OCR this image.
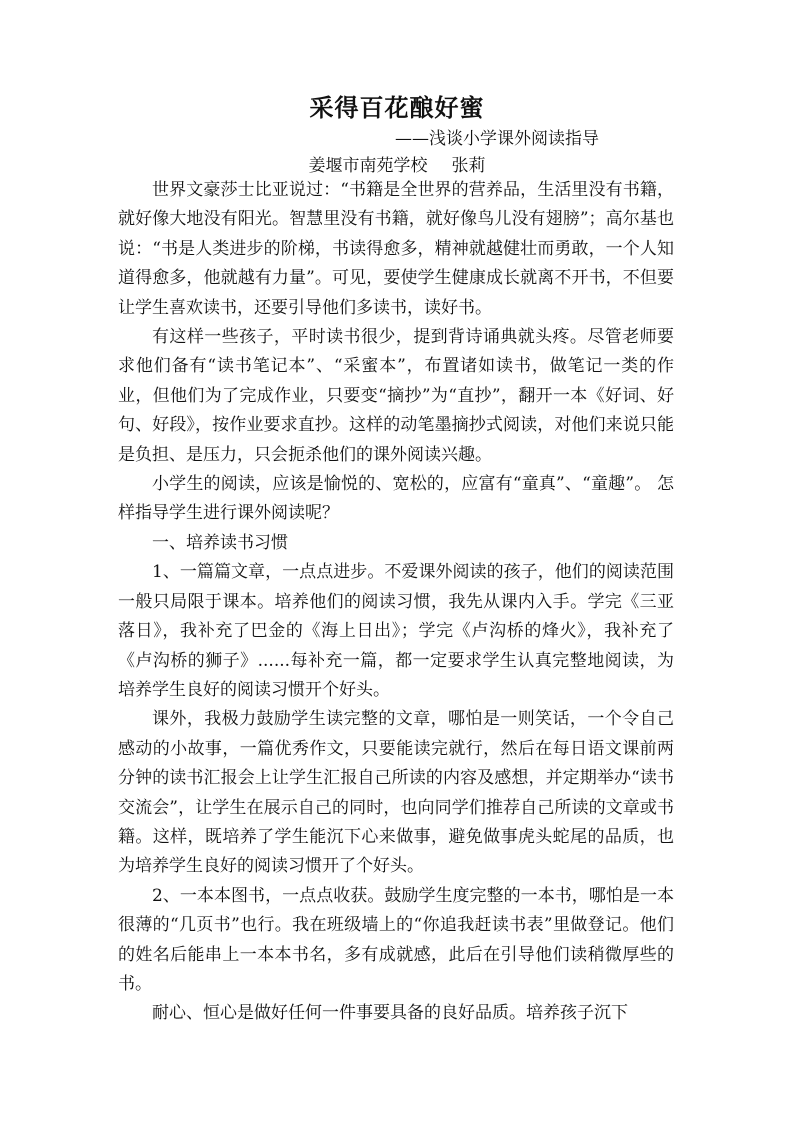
采得百花酿好蜜

——浅谈小学课外阅读指导

姜堰市南苑学校 张莉

世界文豪莎士比亚说过：“书籍是全世界的营养品，生活里没有书籍，就好像大地没有阳光。智慧里没有书籍，就好像鸟儿没有翅膀”；高尔基也说：“书是人类进步的阶梯，书读得愈多，精神就越健壮而勇敢，一个人知道得愈多，他就越有力量”。可见，要使学生健康成长就离不开书，不但要让学生喜欢读书，还要引导他们多读书，读好书。

有这样一些孩子，平时读书很少，提到背诗诵典就头疼。尽管老师要求他们备有“读书笔记本”、“采蜜本”，布置诸如读书，做笔记一类的作业，但他们为了完成作业，只要变“摘抄”为“直抄”，翻开一本《好词、好句、好段》，按作业要求直抄。这样的动笔墨摘抄式阅读，对他们来说只能是负担、是压力，只会扼杀他们的课外阅读兴趣。

小学生的阅读，应该是愉悦的、宽松的，应富有“童真”、“童趣”。 怎样指导学生进行课外阅读呢？

一、培养读书习惯

1、一篇篇文章，一点点进步。不爱课外阅读的孩子，他们的阅读范围一般只局限于课本。培养他们的阅读习惯，我先从课内入手。学完《三亚落日》，我补充了巴金的《海上日出》；学完《卢沟桥的烽火》，我补充了《卢沟桥的狮子》......每补充一篇，都一定要求学生认真完整地阅读，为培养学生良好的阅读习惯开个好头。

课外，我极力鼓励学生读完整的文章，哪怕是一则笑话，一个令自己感动的小故事，一篇优秀作文，只要能读完就行，然后在每日语文课前两分钟的读书汇报会上让学生汇报自己所读的内容及感想，并定期举办“读书交流会”，让学生在展示自己的同时，也向同学们推荐自己所读的文章或书籍。这样，既培养了学生能沉下心来做事，避免做事虎头蛇尾的品质，也为培养学生良好的阅读习惯开了个好头。

2、一本本图书，一点点收获。鼓励学生度完整的一本书，哪怕是一本很薄的“几页书”也行。我在班级墙上的“你追我赶读书表”里做登记。他们的姓名后能串上一本本书名，多有成就感，此后在引导他们读稍微厚些的书。

耐心、恒心是做好任何一件事要具备的良好品质。培养孩子沉下
